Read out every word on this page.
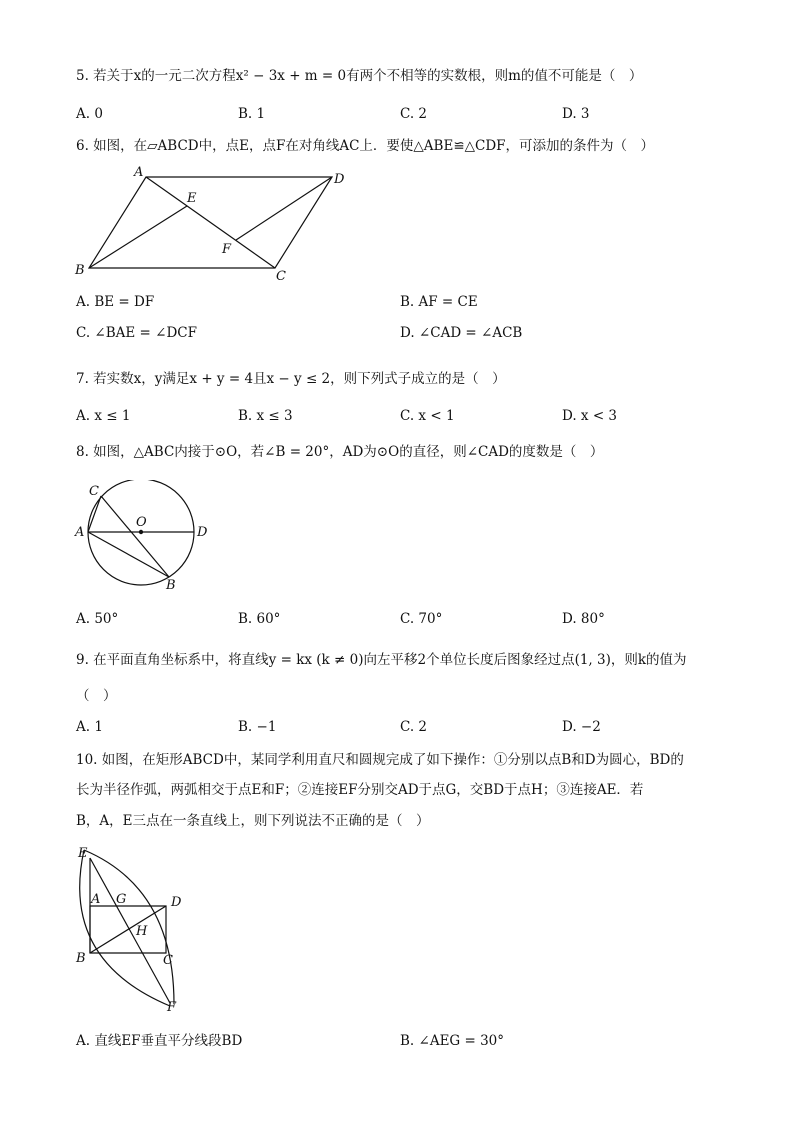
5. 若关于x的一元二次方程x² − 3x + m = 0有两个不相等的实数根，则m的值不可能是（　）
A. 0	B. 1	C. 2	D. 3
6. 如图，在▱ABCD中，点E，点F在对角线AC上．要使△ABE≌△CDF，可添加的条件为（　）
A	D
E
F
B	C
A. BE = DF	B. AF = CE
C. ∠BAE = ∠DCF	D. ∠CAD = ∠ACB
7. 若实数x，y满足x + y = 4且x − y ≤ 2，则下列式子成立的是（　）
A. x ≤ 1	B. x ≤ 3	C. x < 1	D. x < 3
8. 如图，△ABC内接于⊙O，若∠B = 20°，AD为⊙O的直径，则∠CAD的度数是（　）
C
O
A	D
B
A. 50°	B. 60°	C. 70°	D. 80°
9. 在平面直角坐标系中，将直线y = kx (k ≠ 0)向左平移2个单位长度后图象经过点(1, 3)，则k的值为
（　）
A. 1	B. −1	C. 2	D. −2
10. 如图，在矩形ABCD中，某同学利用直尺和圆规完成了如下操作：①分别以点B和D为圆心，BD的
长为半径作弧，两弧相交于点E和F；②连接EF分别交AD于点G，交BD于点H；③连接AE．若
B，A，E三点在一条直线上，则下列说法不正确的是（　）
E
A G	D
H
B	C
F
A. 直线EF垂直平分线段BD	B. ∠AEG = 30°
